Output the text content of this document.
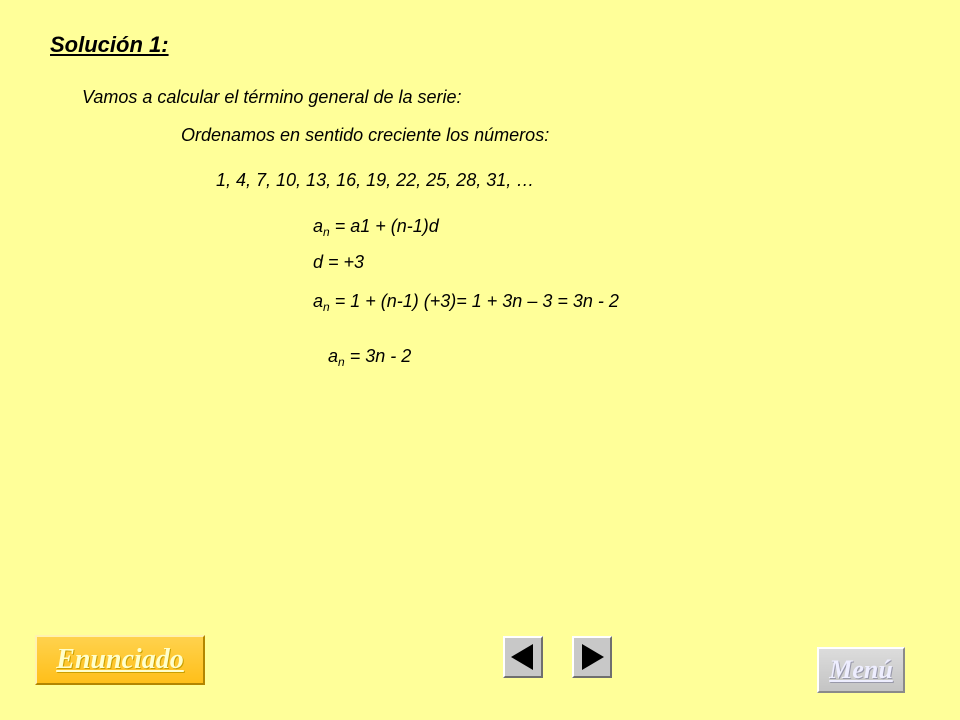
Solución 1:
Vamos a calcular el término general de la serie:
Ordenamos en sentido creciente los números:
1, 4, 7, 10, 13, 16, 19, 22, 25, 28, 31, …
$a_n = a1 + (n-1)d$
d = +3
$a_n = 1 + (n-1)$ (+3)= 1 + 3n – 3 = 3n - 2
$a_n = 3n - 2$
Enunciado	Menú
